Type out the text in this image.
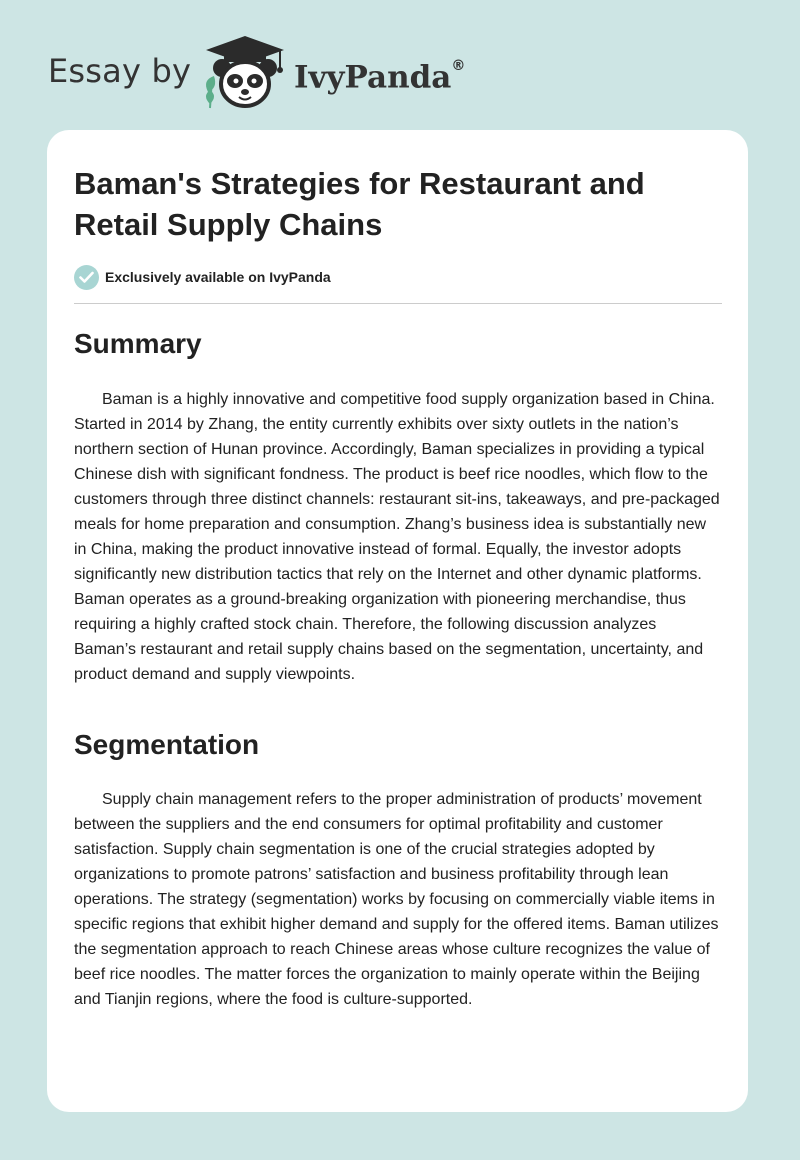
Essay by	IvyPanda®
Baman's Strategies for Restaurant and Retail Supply Chains
Exclusively available on IvyPanda
Summary

Baman is a highly innovative and competitive food supply organization based in China. Started in 2014 by Zhang, the entity currently exhibits over sixty outlets in the nation’s northern section of Hunan province. Accordingly, Baman specializes in providing a typical Chinese dish with significant fondness. The product is beef rice noodles, which flow to the customers through three distinct channels: restaurant sit-ins, takeaways, and pre-packaged meals for home preparation and consumption. Zhang’s business idea is substantially new in China, making the product innovative instead of formal. Equally, the investor adopts significantly new distribution tactics that rely on the Internet and other dynamic platforms. Baman operates as a ground-breaking organization with pioneering merchandise, thus requiring a highly crafted stock chain. Therefore, the following discussion analyzes Baman’s restaurant and retail supply chains based on the segmentation, uncertainty, and product demand and supply viewpoints.

Segmentation

Supply chain management refers to the proper administration of products’ movement between the suppliers and the end consumers for optimal profitability and customer satisfaction. Supply chain segmentation is one of the crucial strategies adopted by organizations to promote patrons’ satisfaction and business profitability through lean operations. The strategy (segmentation) works by focusing on commercially viable items in specific regions that exhibit higher demand and supply for the offered items. Baman utilizes the segmentation approach to reach Chinese areas whose culture recognizes the value of beef rice noodles. The matter forces the organization to mainly operate within the Beijing and Tianjin regions, where the food is culture-supported.
